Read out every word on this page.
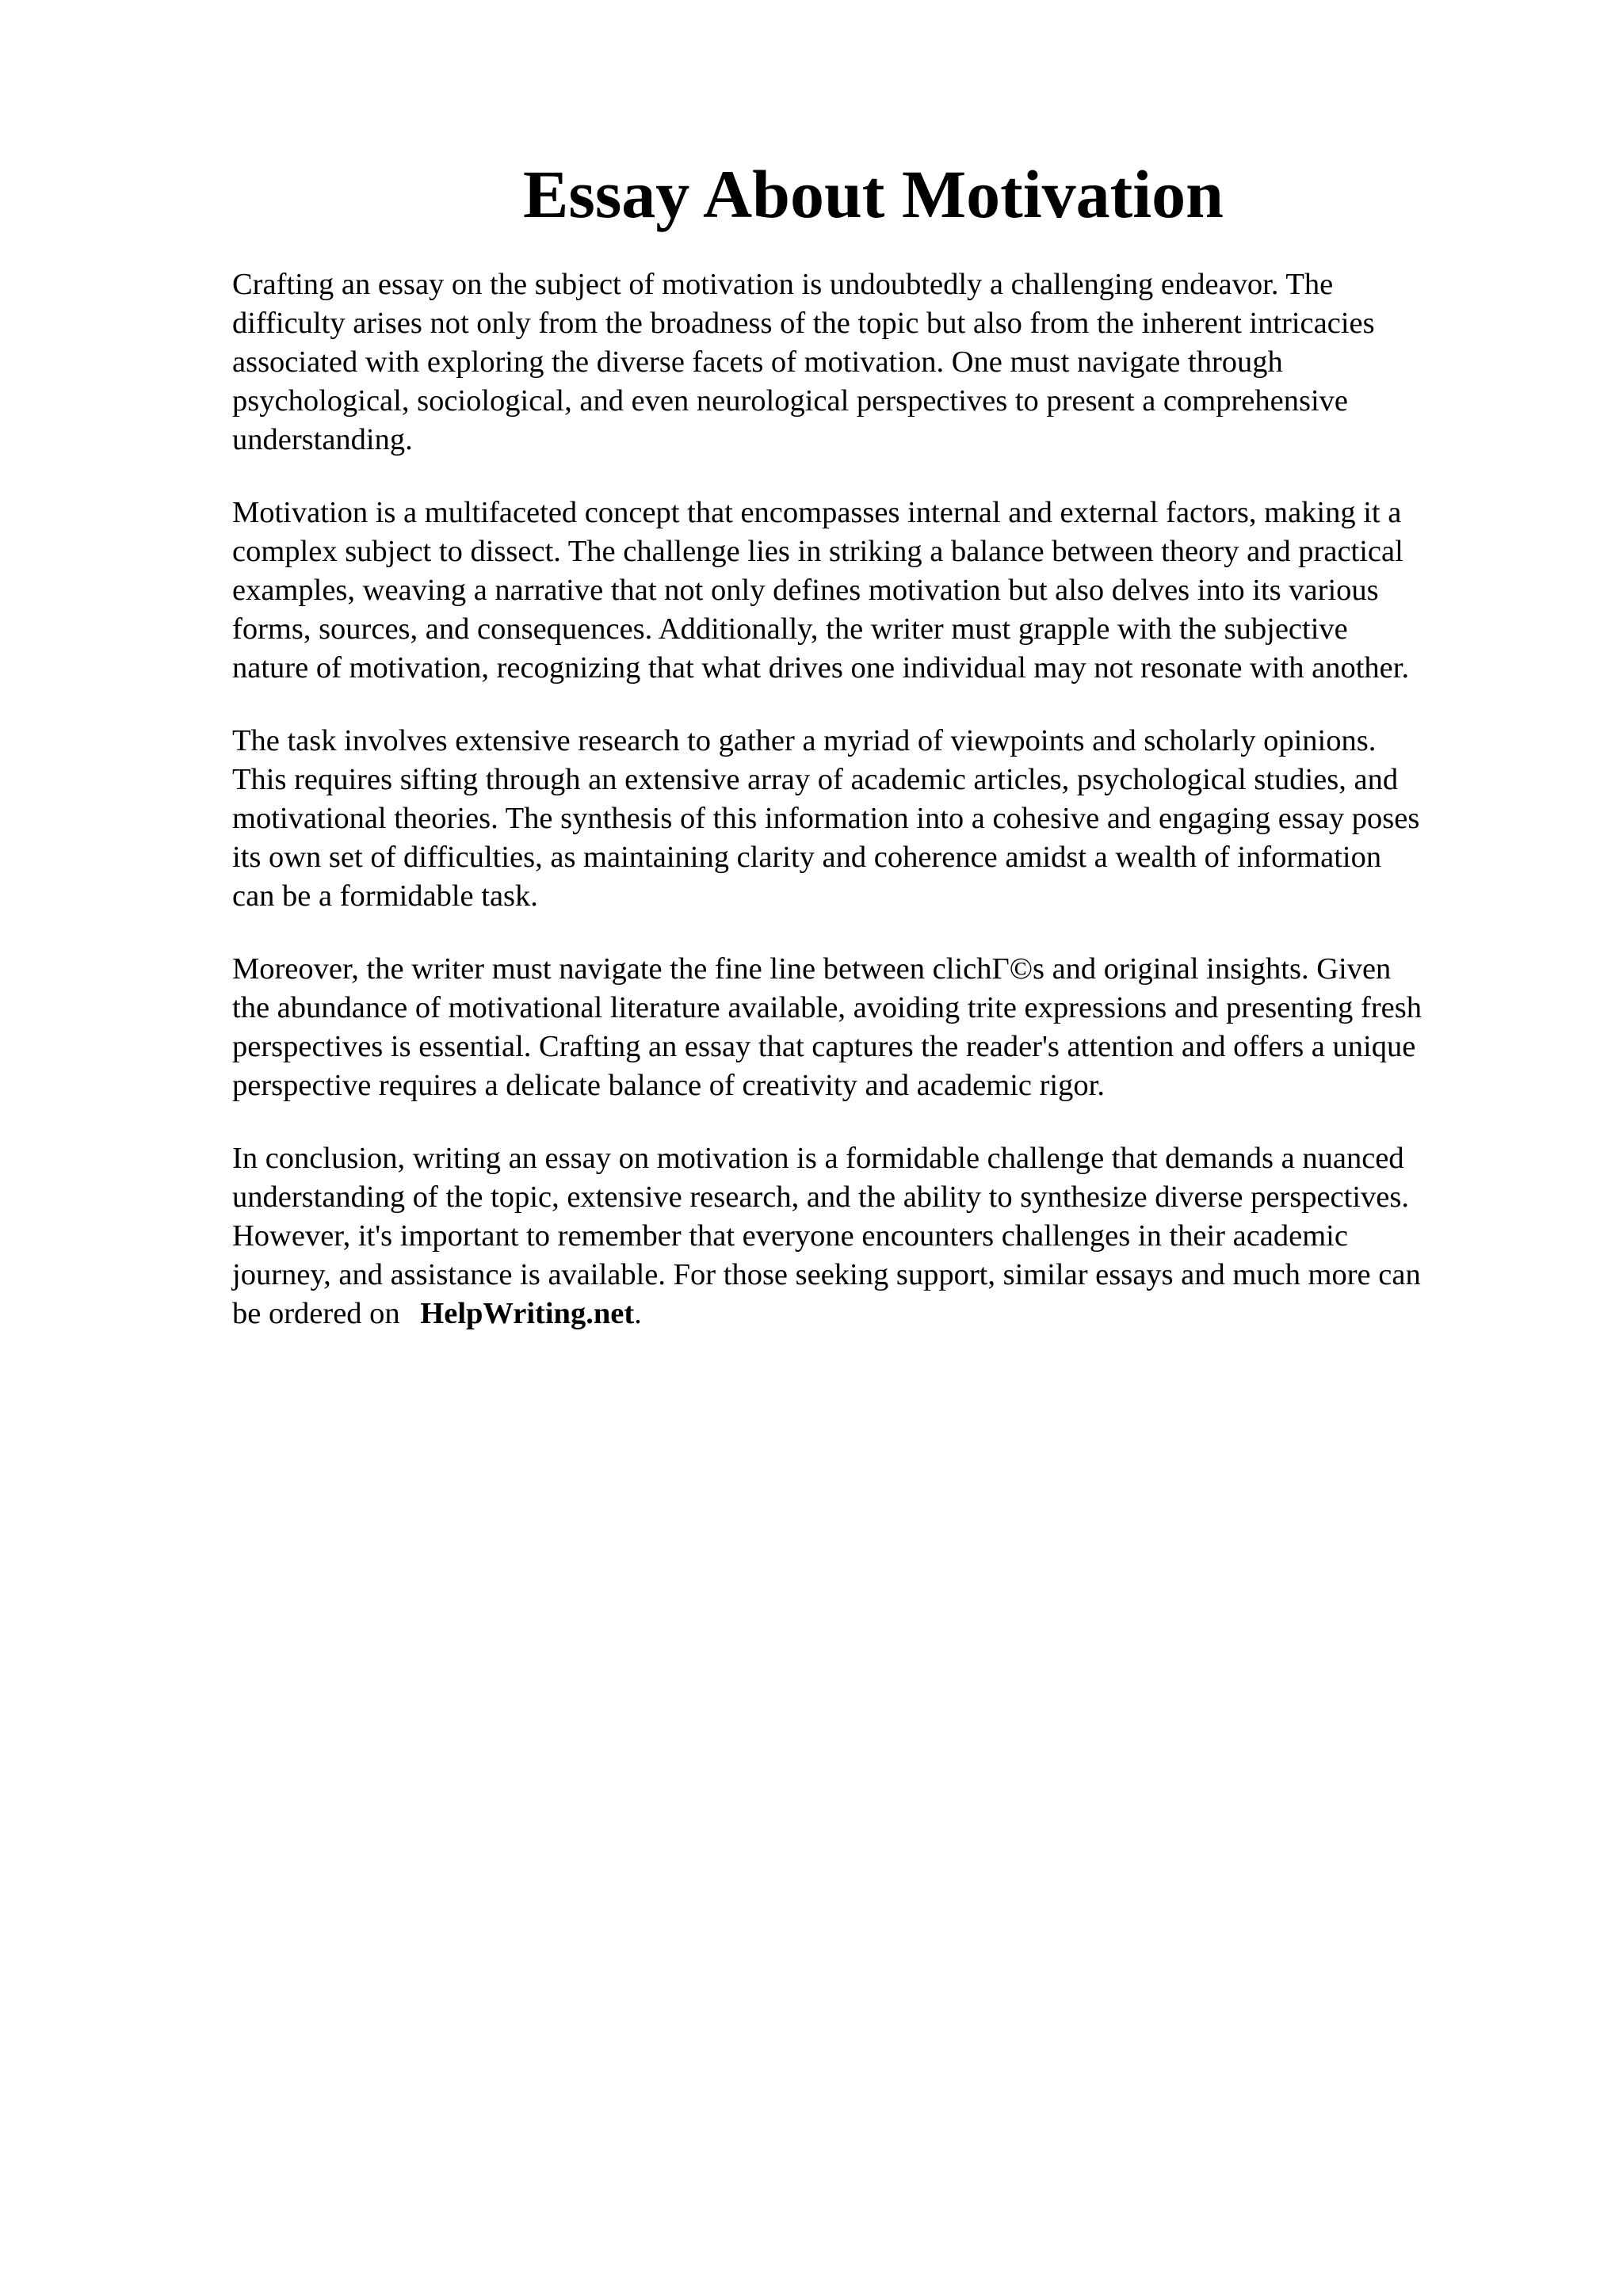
Essay About Motivation

Crafting an essay on the subject of motivation is undoubtedly a challenging endeavor. The
difficulty arises not only from the broadness of the topic but also from the inherent intricacies
associated with exploring the diverse facets of motivation. One must navigate through
psychological, sociological, and even neurological perspectives to present a comprehensive
understanding.

Motivation is a multifaceted concept that encompasses internal and external factors, making it a
complex subject to dissect. The challenge lies in striking a balance between theory and practical
examples, weaving a narrative that not only defines motivation but also delves into its various
forms, sources, and consequences. Additionally, the writer must grapple with the subjective
nature of motivation, recognizing that what drives one individual may not resonate with another.

The task involves extensive research to gather a myriad of viewpoints and scholarly opinions.
This requires sifting through an extensive array of academic articles, psychological studies, and
motivational theories. The synthesis of this information into a cohesive and engaging essay poses
its own set of difficulties, as maintaining clarity and coherence amidst a wealth of information
can be a formidable task.

Moreover, the writer must navigate the fine line between clichΓ©s and original insights. Given
the abundance of motivational literature available, avoiding trite expressions and presenting fresh
perspectives is essential. Crafting an essay that captures the reader's attention and offers a unique
perspective requires a delicate balance of creativity and academic rigor.

In conclusion, writing an essay on motivation is a formidable challenge that demands a nuanced
understanding of the topic, extensive research, and the ability to synthesize diverse perspectives.
However, it's important to remember that everyone encounters challenges in their academic
journey, and assistance is available. For those seeking support, similar essays and much more can
be ordered on HelpWriting.net.
